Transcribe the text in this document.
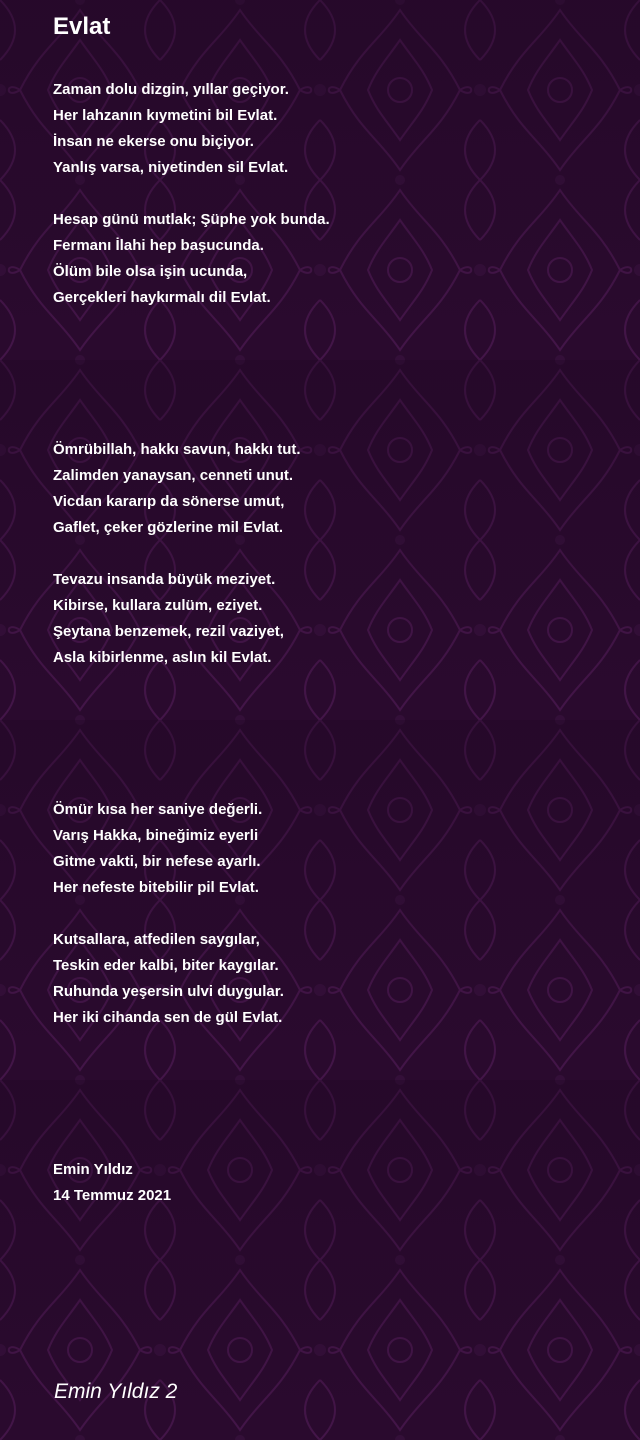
Evlat
Zaman dolu dizgin, yıllar geçiyor.
Her lahzanın kıymetini bil Evlat.
İnsan ne ekerse onu biçiyor.
Yanlış varsa, niyetinden sil Evlat.
Hesap günü mutlak; Şüphe yok bunda.
Fermanı İlahi hep başucunda.
Ölüm bile olsa işin ucunda,
Gerçekleri haykırmalı dil Evlat.
Ömrübillah, hakkı savun, hakkı tut.
Zalimden yanaysan, cenneti unut.
Vicdan kararıp da sönerse umut,
Gaflet, çeker gözlerine mil Evlat.
Tevazu insanda büyük meziyet.
Kibirse, kullara zulüm, eziyet.
Şeytana benzemek, rezil vaziyet,
Asla kibirlenme, aslın kil Evlat.
Ömür kısa her saniye değerli.
Varış Hakka, bineğimiz eyerli
Gitme vakti, bir nefese ayarlı.
Her nefeste bitebilir pil Evlat.
Kutsallara, atfedilen saygılar,
Teskin eder kalbi, biter kaygılar.
Ruhunda yeşersin ulvi duygular.
Her iki cihanda sen de gül Evlat.
Emin Yıldız
14 Temmuz 2021
Emin Yıldız 2
